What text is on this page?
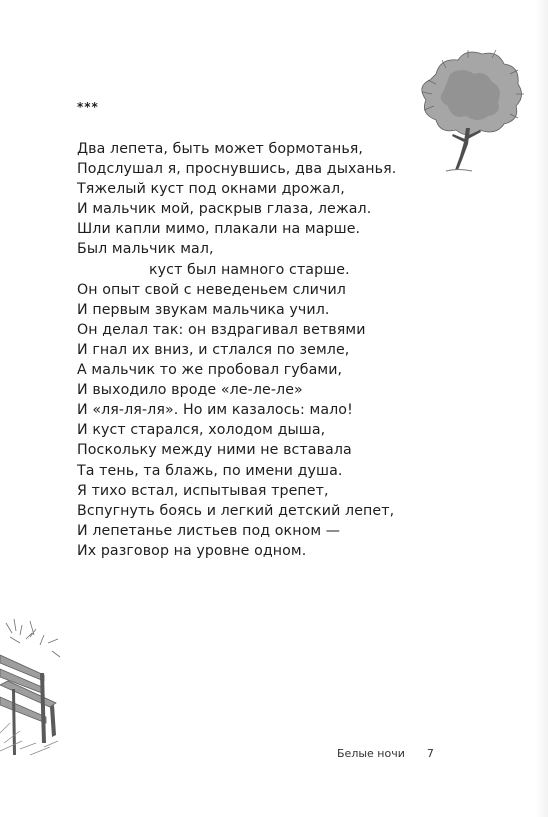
***
Два лепета, быть может бормотанья,
Подслушал я, проснувшись, два дыханья.
Тяжелый куст под окнами дрожал,
И мальчик мой, раскрыв глаза, лежал.
Шли капли мимо, плакали на марше.
Был мальчик мал,
куст был намного старше.
Он опыт свой с неведеньем сличил
И первым звукам мальчика учил.
Он делал так: он вздрагивал ветвями
И гнал их вниз, и стлался по земле,
А мальчик то же пробовал губами,
И выходило вроде «ле-ле-ле»
И «ля-ля-ля». Но им казалось: мало!
И куст старался, холодом дыша,
Поскольку между ними не вставала
Та тень, та блажь, по имени душа.
Я тихо встал, испытывая трепет,
Вспугнуть боясь и легкий детский лепет,
И лепетанье листьев под окном —
Их разговор на уровне одном.
Белые ночи 7
